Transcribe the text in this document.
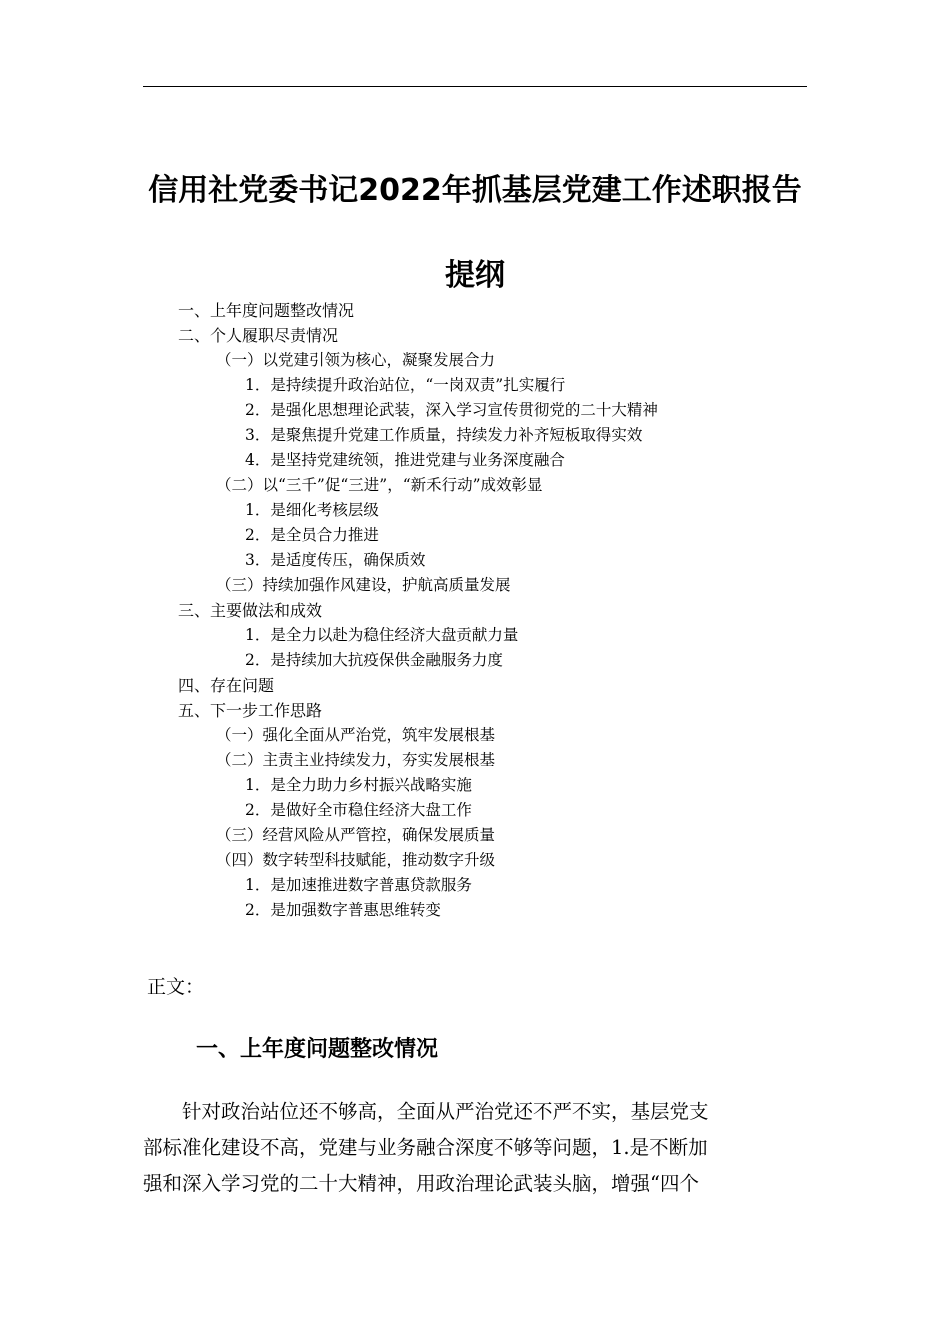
信用社党委书记2022年抓基层党建工作述职报告
提纲
一、上年度问题整改情况
二、个人履职尽责情况
（一）以党建引领为核心，凝聚发展合力
1．是持续提升政治站位，“一岗双责”扎实履行
2．是强化思想理论武装，深入学习宣传贯彻党的二十大精神
3．是聚焦提升党建工作质量，持续发力补齐短板取得实效
4．是坚持党建统领，推进党建与业务深度融合
（二）以“三千”促“三进”，“新禾行动”成效彰显
1．是细化考核层级
2．是全员合力推进
3．是适度传压，确保质效
（三）持续加强作风建设，护航高质量发展
三、主要做法和成效
1．是全力以赴为稳住经济大盘贡献力量
2．是持续加大抗疫保供金融服务力度
四、存在问题
五、下一步工作思路
（一）强化全面从严治党，筑牢发展根基
（二）主责主业持续发力，夯实发展根基
1．是全力助力乡村振兴战略实施
2．是做好全市稳住经济大盘工作
（三）经营风险从严管控，确保发展质量
（四）数字转型科技赋能，推动数字升级
1．是加速推进数字普惠贷款服务
2．是加强数字普惠思维转变
正文：
一、上年度问题整改情况

　　针对政治站位还不够高，全面从严治党还不严不实，基层党支
部标准化建设不高，党建与业务融合深度不够等问题，1.是不断加
强和深入学习党的二十大精神，用政治理论武装头脑，增强“四个
